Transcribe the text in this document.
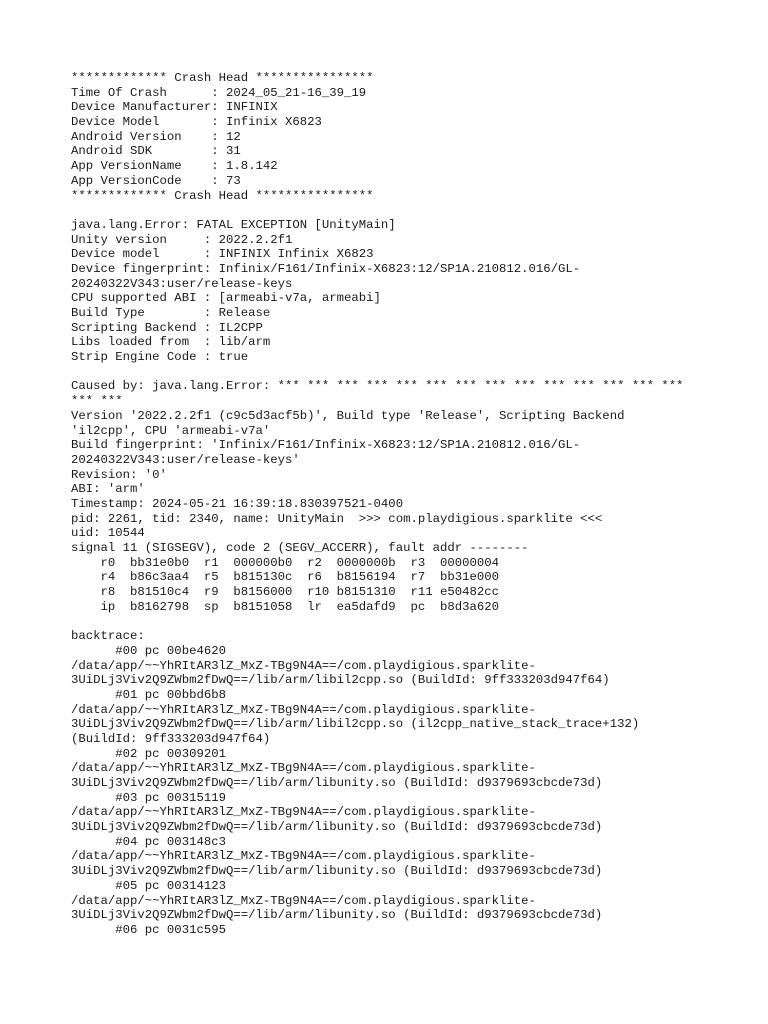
************* Crash Head ****************
Time Of Crash      : 2024_05_21-16_39_19
Device Manufacturer: INFINIX
Device Model       : Infinix X6823
Android Version    : 12
Android SDK        : 31
App VersionName    : 1.8.142
App VersionCode    : 73
************* Crash Head ****************
java.lang.Error: FATAL EXCEPTION [UnityMain]
Unity version     : 2022.2.2f1
Device model      : INFINIX Infinix X6823
Device fingerprint: Infinix/F161/Infinix-X6823:12/SP1A.210812.016/GL-
20240322V343:user/release-keys
CPU supported ABI : [armeabi-v7a, armeabi]
Build Type        : Release
Scripting Backend : IL2CPP
Libs loaded from  : lib/arm
Strip Engine Code : true
Caused by: java.lang.Error: *** *** *** *** *** *** *** *** *** *** *** *** *** ***
*** ***
Version '2022.2.2f1 (c9c5d3acf5b)', Build type 'Release', Scripting Backend
'il2cpp', CPU 'armeabi-v7a'
Build fingerprint: 'Infinix/F161/Infinix-X6823:12/SP1A.210812.016/GL-
20240322V343:user/release-keys'
Revision: '0'
ABI: 'arm'
Timestamp: 2024-05-21 16:39:18.830397521-0400
pid: 2261, tid: 2340, name: UnityMain  >>> com.playdigious.sparklite <<<
uid: 10544
signal 11 (SIGSEGV), code 2 (SEGV_ACCERR), fault addr --------
r0  bb31e0b0  r1  000000b0  r2  0000000b  r3  00000004
r4  b86c3aa4  r5  b815130c  r6  b8156194  r7  bb31e000
r8  b81510c4  r9  b8156000  r10 b8151310  r11 e50482cc
ip  b8162798  sp  b8151058  lr  ea5dafd9  pc  b8d3a620
backtrace:
#00 pc 00be4620
/data/app/~~YhRItAR3lZ_MxZ-TBg9N4A==/com.playdigious.sparklite-
3UiDLj3Viv2Q9ZWbm2fDwQ==/lib/arm/libil2cpp.so (BuildId: 9ff333203d947f64)
#01 pc 00bbd6b8
/data/app/~~YhRItAR3lZ_MxZ-TBg9N4A==/com.playdigious.sparklite-
3UiDLj3Viv2Q9ZWbm2fDwQ==/lib/arm/libil2cpp.so (il2cpp_native_stack_trace+132)
(BuildId: 9ff333203d947f64)
#02 pc 00309201
/data/app/~~YhRItAR3lZ_MxZ-TBg9N4A==/com.playdigious.sparklite-
3UiDLj3Viv2Q9ZWbm2fDwQ==/lib/arm/libunity.so (BuildId: d9379693cbcde73d)
#03 pc 00315119
/data/app/~~YhRItAR3lZ_MxZ-TBg9N4A==/com.playdigious.sparklite-
3UiDLj3Viv2Q9ZWbm2fDwQ==/lib/arm/libunity.so (BuildId: d9379693cbcde73d)
#04 pc 003148c3
/data/app/~~YhRItAR3lZ_MxZ-TBg9N4A==/com.playdigious.sparklite-
3UiDLj3Viv2Q9ZWbm2fDwQ==/lib/arm/libunity.so (BuildId: d9379693cbcde73d)
#05 pc 00314123
/data/app/~~YhRItAR3lZ_MxZ-TBg9N4A==/com.playdigious.sparklite-
3UiDLj3Viv2Q9ZWbm2fDwQ==/lib/arm/libunity.so (BuildId: d9379693cbcde73d)
#06 pc 0031c595
